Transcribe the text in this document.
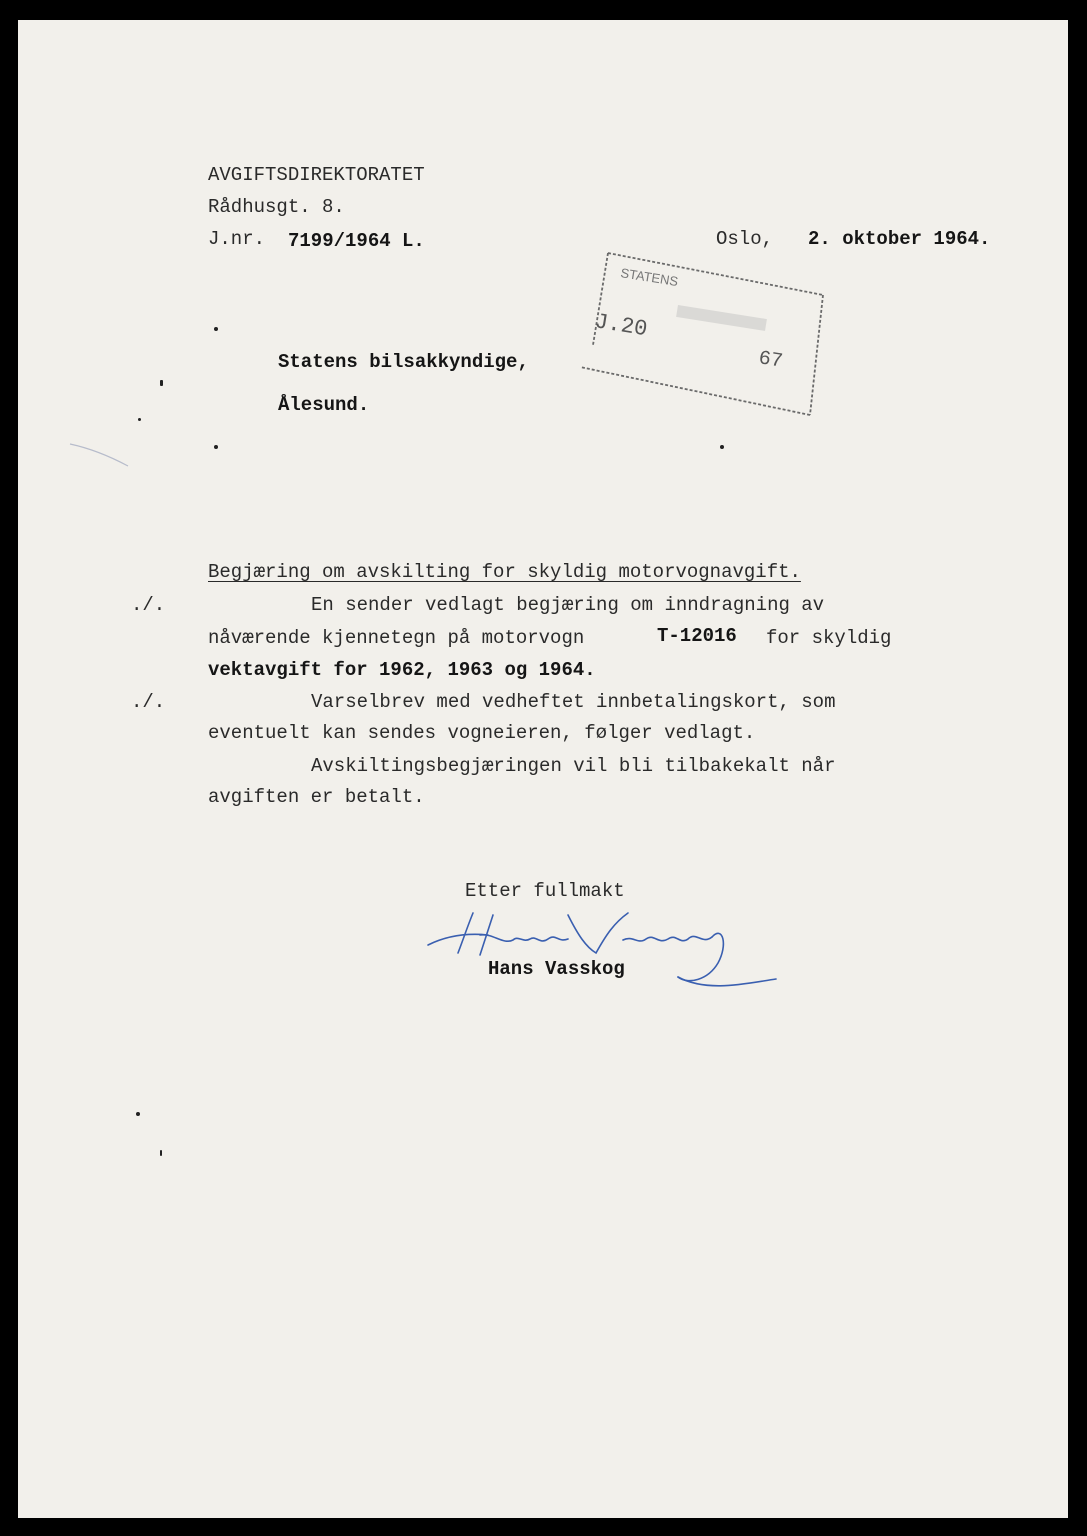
AVGIFTSDIREKTORATET
Rådhusgt. 8.
J.nr. 7199/1964 L.	Oslo, 2. oktober 1964.
STATENS
J.20
67
Statens bilsakkyndige,
Ålesund.
Begjæring om avskilting for skyldig motorvognavgift.
./.
./.
En sender vedlagt begjæring om inndragning av
nåværende kjennetegn på motorvogn	T-12016 for skyldig
vektavgift for 1962, 1963 og 1964.
Varselbrev med vedheftet innbetalingskort, som
eventuelt kan sendes vogneieren, følger vedlagt.
Avskiltingsbegjæringen vil bli tilbakekalt når
avgiften er betalt.
Etter fullmakt
Hans Vasskog
